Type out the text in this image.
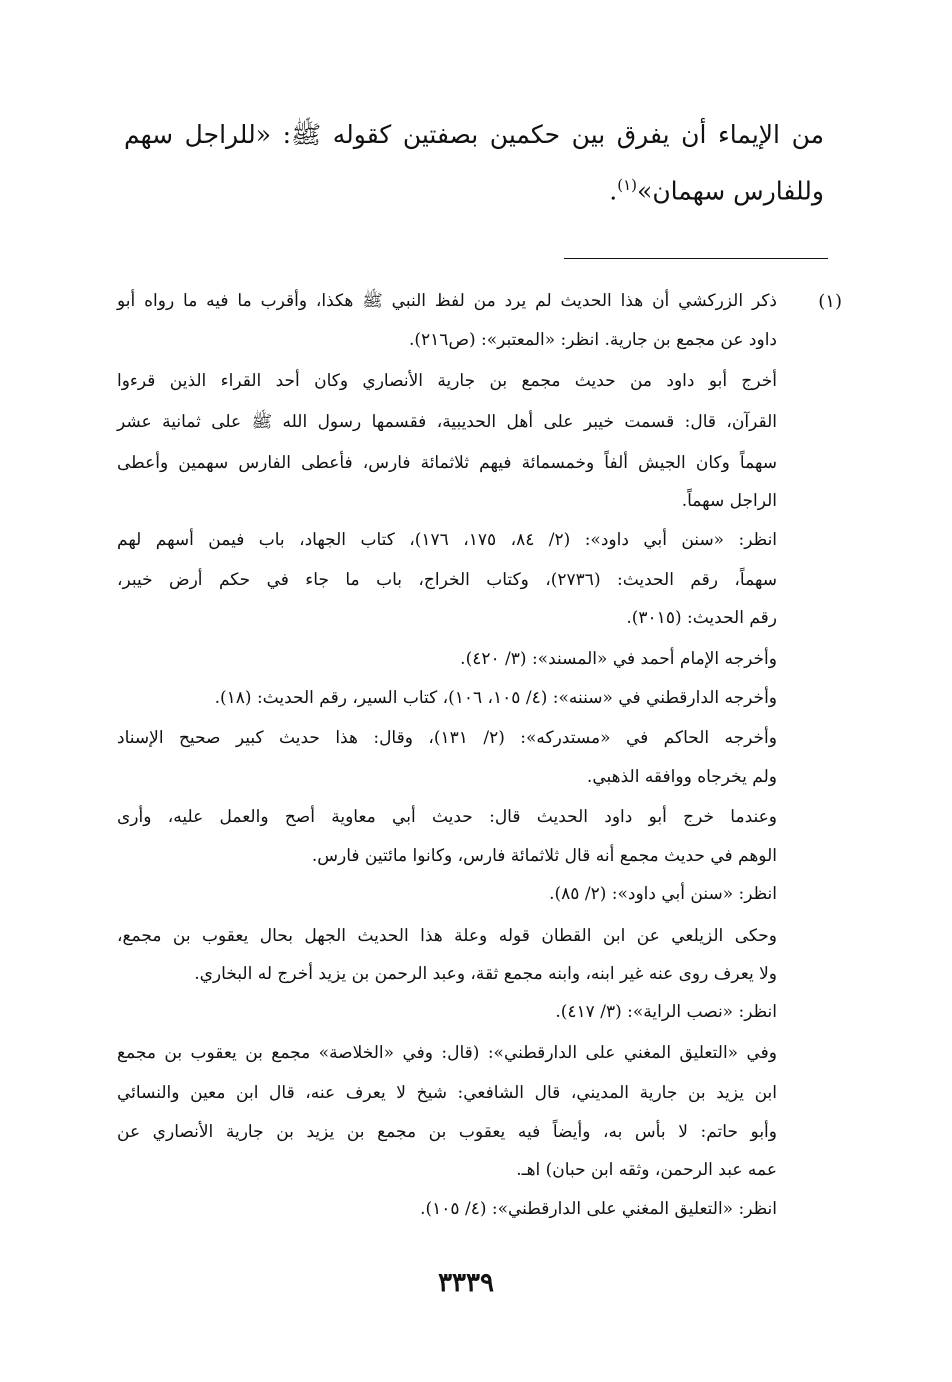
من الإيماء أن يفرق بين حكمين بصفتين كقوله ﷺ: «للراجل سهم
وللفارس سهمان»$^{(١)}$.
(١)
ذكر الزركشي أن هذا الحديث لم يرد من لفظ النبي ﷺ هكذا، وأقرب ما فيه ما رواه أبو
داود عن مجمع بن جارية. انظر: «المعتبر»: (ص٢١٦).
أخرج أبو داود من حديث مجمع بن جارية الأنصاري وكان أحد القراء الذين قرءوا
القرآن، قال: قسمت خيبر على أهل الحديبية، فقسمها رسول الله ﷺ على ثمانية عشر
سهماً وكان الجيش ألفاً وخمسمائة فيهم ثلاثمائة فارس، فأعطى الفارس سهمين وأعطى
الراجل سهماً.
انظر: «سنن أبي داود»: (٢/ ٨٤، ١٧٥، ١٧٦)، كتاب الجهاد، باب فيمن أسهم لهم
سهماً، رقم الحديث: (٢٧٣٦)، وكتاب الخراج، باب ما جاء في حكم أرض خيبر،
رقم الحديث: (٣٠١٥).
وأخرجه الإمام أحمد في «المسند»: (٣/ ٤٢٠).
وأخرجه الدارقطني في «سننه»: (٤/ ١٠٥، ١٠٦)، كتاب السير، رقم الحديث: (١٨).
وأخرجه الحاكم في «مستدركه»: (٢/ ١٣١)، وقال: هذا حديث كبير صحيح الإسناد
ولم يخرجاه ووافقه الذهبي.
وعندما خرج أبو داود الحديث قال: حديث أبي معاوية أصح والعمل عليه، وأرى
الوهم في حديث مجمع أنه قال ثلاثمائة فارس، وكانوا مائتين فارس.
انظر: «سنن أبي داود»: (٢/ ٨٥).
وحكى الزيلعي عن ابن القطان قوله وعلة هذا الحديث الجهل بحال يعقوب بن مجمع،
ولا يعرف روى عنه غير ابنه، وابنه مجمع ثقة، وعبد الرحمن بن يزيد أخرج له البخاري.
انظر: «نصب الراية»: (٣/ ٤١٧).
وفي «التعليق المغني على الدارقطني»: (قال: وفي «الخلاصة» مجمع بن يعقوب بن مجمع
ابن يزيد بن جارية المديني، قال الشافعي: شيخ لا يعرف عنه، قال ابن معين والنسائي
وأبو حاتم: لا بأس به، وأيضاً فيه يعقوب بن مجمع بن يزيد بن جارية الأنصاري عن
عمه عبد الرحمن، وثقه ابن حبان) اهـ.
انظر: «التعليق المغني على الدارقطني»: (٤/ ١٠٥).
٣٣٣٩
